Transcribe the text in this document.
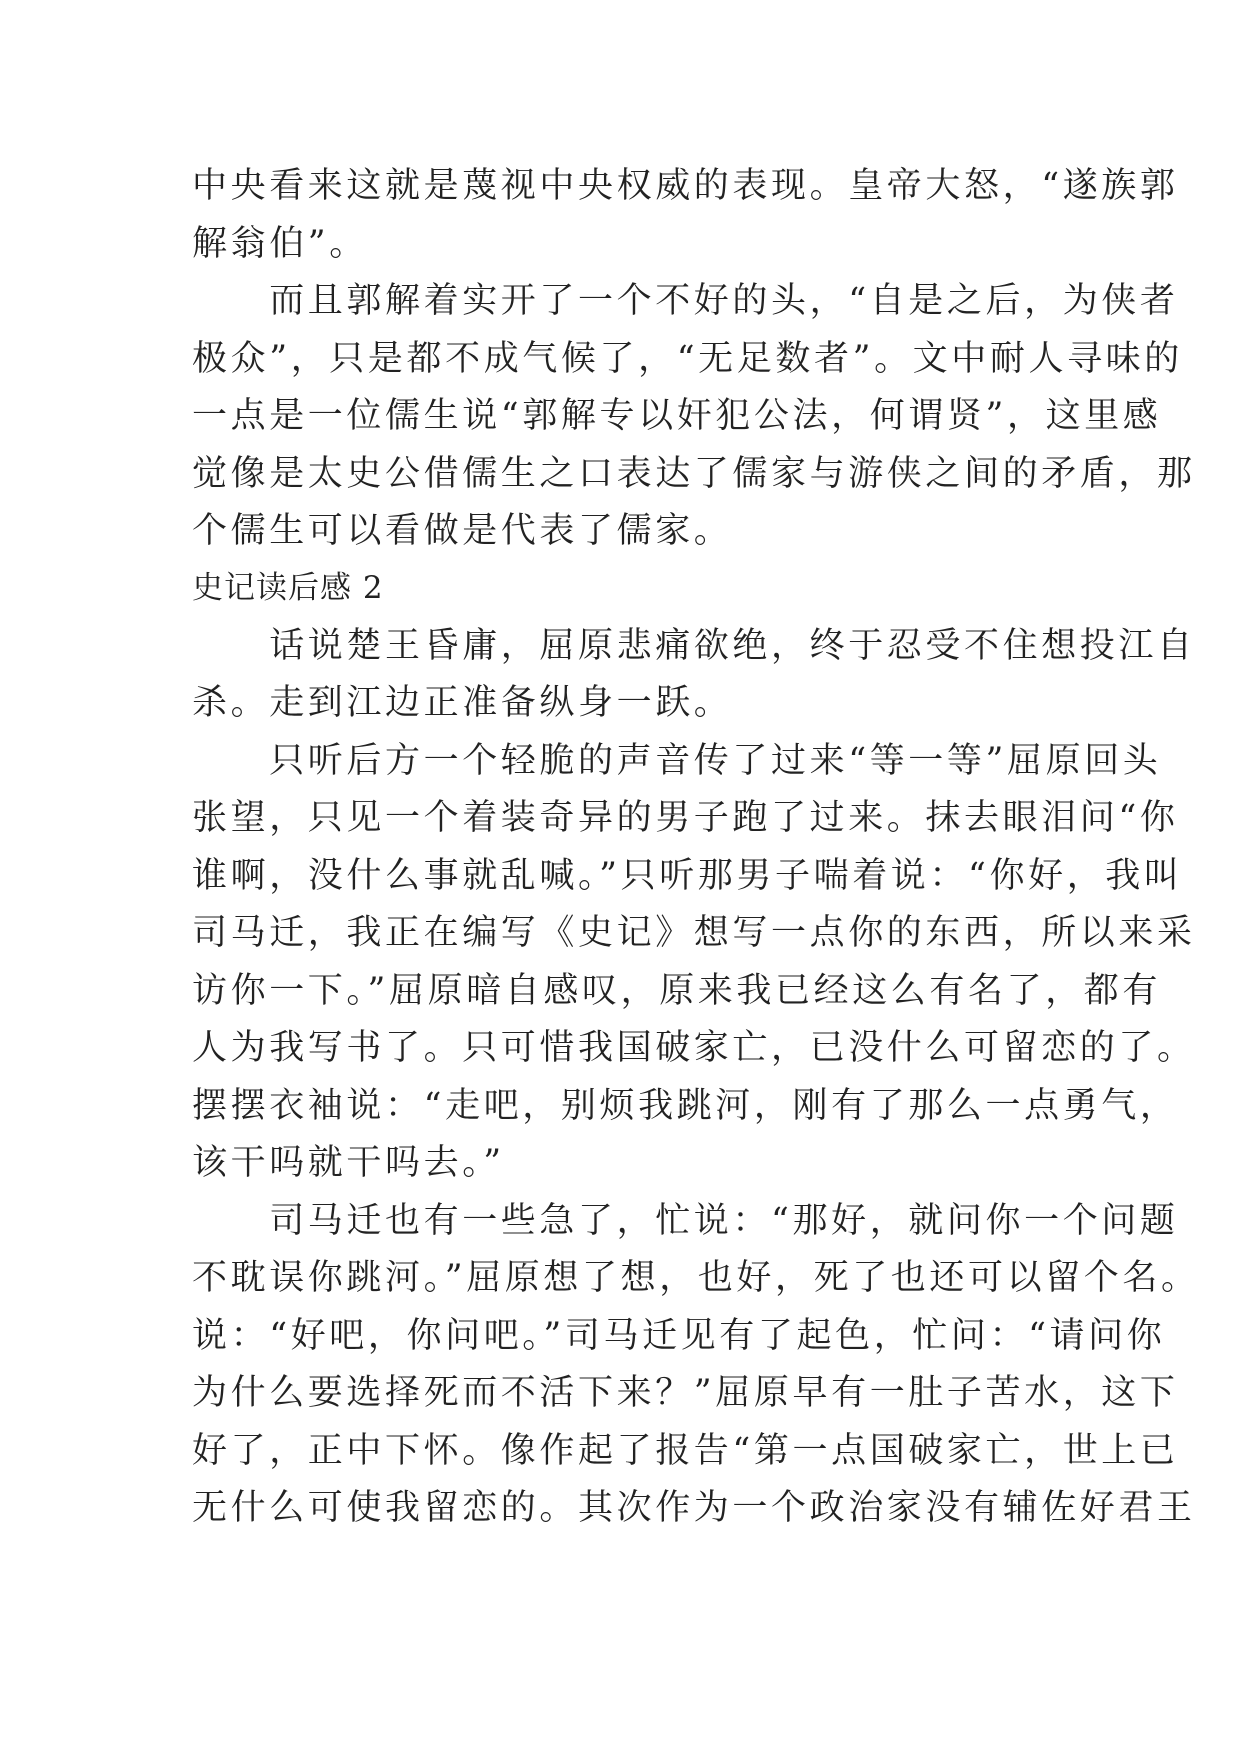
中央看来这就是蔑视中央权威的表现。皇帝大怒，“遂族郭
解翁伯”。
　　而且郭解着实开了一个不好的头，“自是之后，为侠者
极众”，只是都不成气候了，“无足数者”。文中耐人寻味的
一点是一位儒生说“郭解专以奸犯公法，何谓贤”，这里感
觉像是太史公借儒生之口表达了儒家与游侠之间的矛盾，那
个儒生可以看做是代表了儒家。
史记读后感 2
　　话说楚王昏庸，屈原悲痛欲绝，终于忍受不住想投江自
杀。走到江边正准备纵身一跃。
　　只听后方一个轻脆的声音传了过来“等一等”屈原回头
张望，只见一个着装奇异的男子跑了过来。抹去眼泪问“你
谁啊，没什么事就乱喊。”只听那男子喘着说：“你好，我叫
司马迁，我正在编写《史记》想写一点你的东西，所以来采
访你一下。”屈原暗自感叹，原来我已经这么有名了，都有
人为我写书了。只可惜我国破家亡，已没什么可留恋的了。
摆摆衣袖说：“走吧，别烦我跳河，刚有了那么一点勇气，
该干吗就干吗去。”
　　司马迁也有一些急了，忙说：“那好，就问你一个问题
不耽误你跳河。”屈原想了想，也好，死了也还可以留个名。
说：“好吧，你问吧。”司马迁见有了起色，忙问：“请问你
为什么要选择死而不活下来？”屈原早有一肚子苦水，这下
好了，正中下怀。像作起了报告“第一点国破家亡，世上已
无什么可使我留恋的。其次作为一个政治家没有辅佐好君王
